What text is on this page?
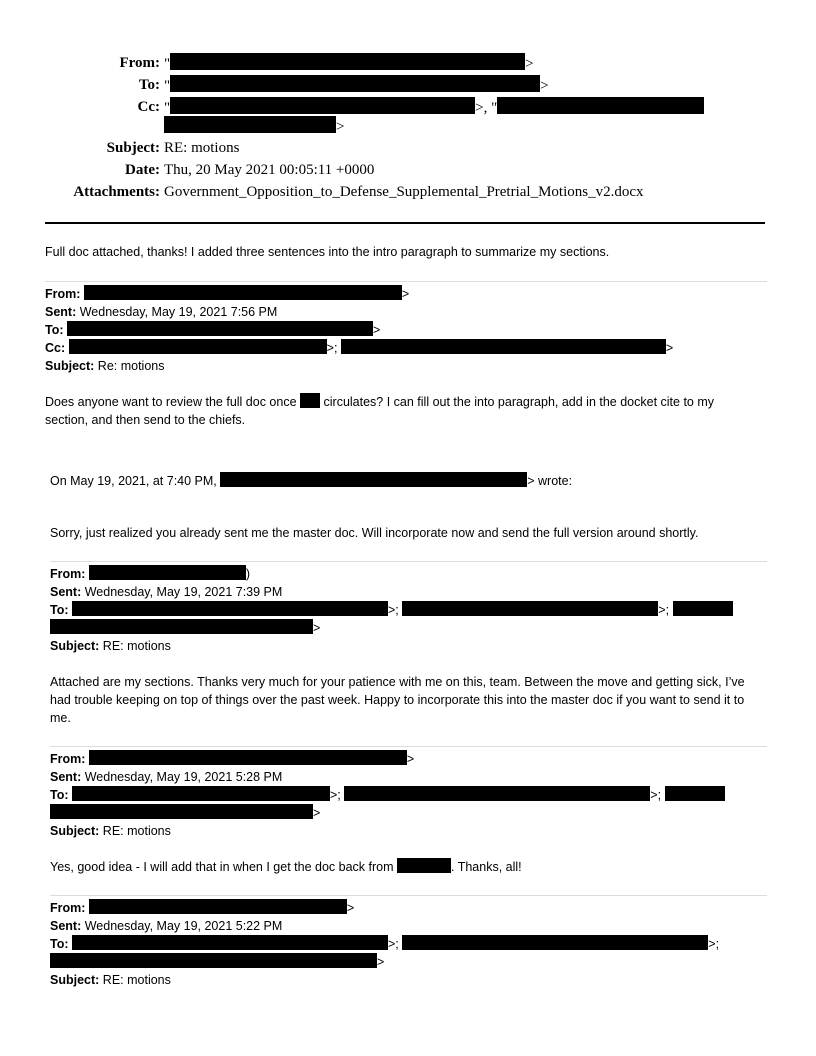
From: "	>
To: "	>
Cc: "	>, "
>
Subject: RE: motions
Date: Thu, 20 May 2021 00:05:11 +0000
Attachments: Government_Opposition_to_Defense_Supplemental_Pretrial_Motions_v2.docx
Full doc attached, thanks! I added three sentences into the intro paragraph to summarize my sections.
From:	>
Sent: Wednesday, May 19, 2021 7:56 PM
To:	>
Cc:	>;	>
Subject: Re: motions
Does anyone want to review the full doc once circulates? I can fill out the into paragraph, add in the docket cite to my
section, and then send to the chiefs.
On May 19, 2021, at 7:40 PM,	> wrote:
Sorry, just realized you already sent me the master doc. Will incorporate now and send the full version around shortly.
From:	)
Sent: Wednesday, May 19, 2021 7:39 PM
To:	>;	>;
>
Subject: RE: motions
Attached are my sections. Thanks very much for your patience with me on this, team. Between the move and getting sick, I’ve had trouble keeping on top of things over the past week. Happy to incorporate this into the master doc if you want to send it to me.
From:	>
Sent: Wednesday, May 19, 2021 5:28 PM
To:	>;	>;
>
Subject: RE: motions
Yes, good idea - I will add that in when I get the doc back from	. Thanks, all!
From:	>
Sent: Wednesday, May 19, 2021 5:22 PM
To:	>;	>;
>
Subject: RE: motions
